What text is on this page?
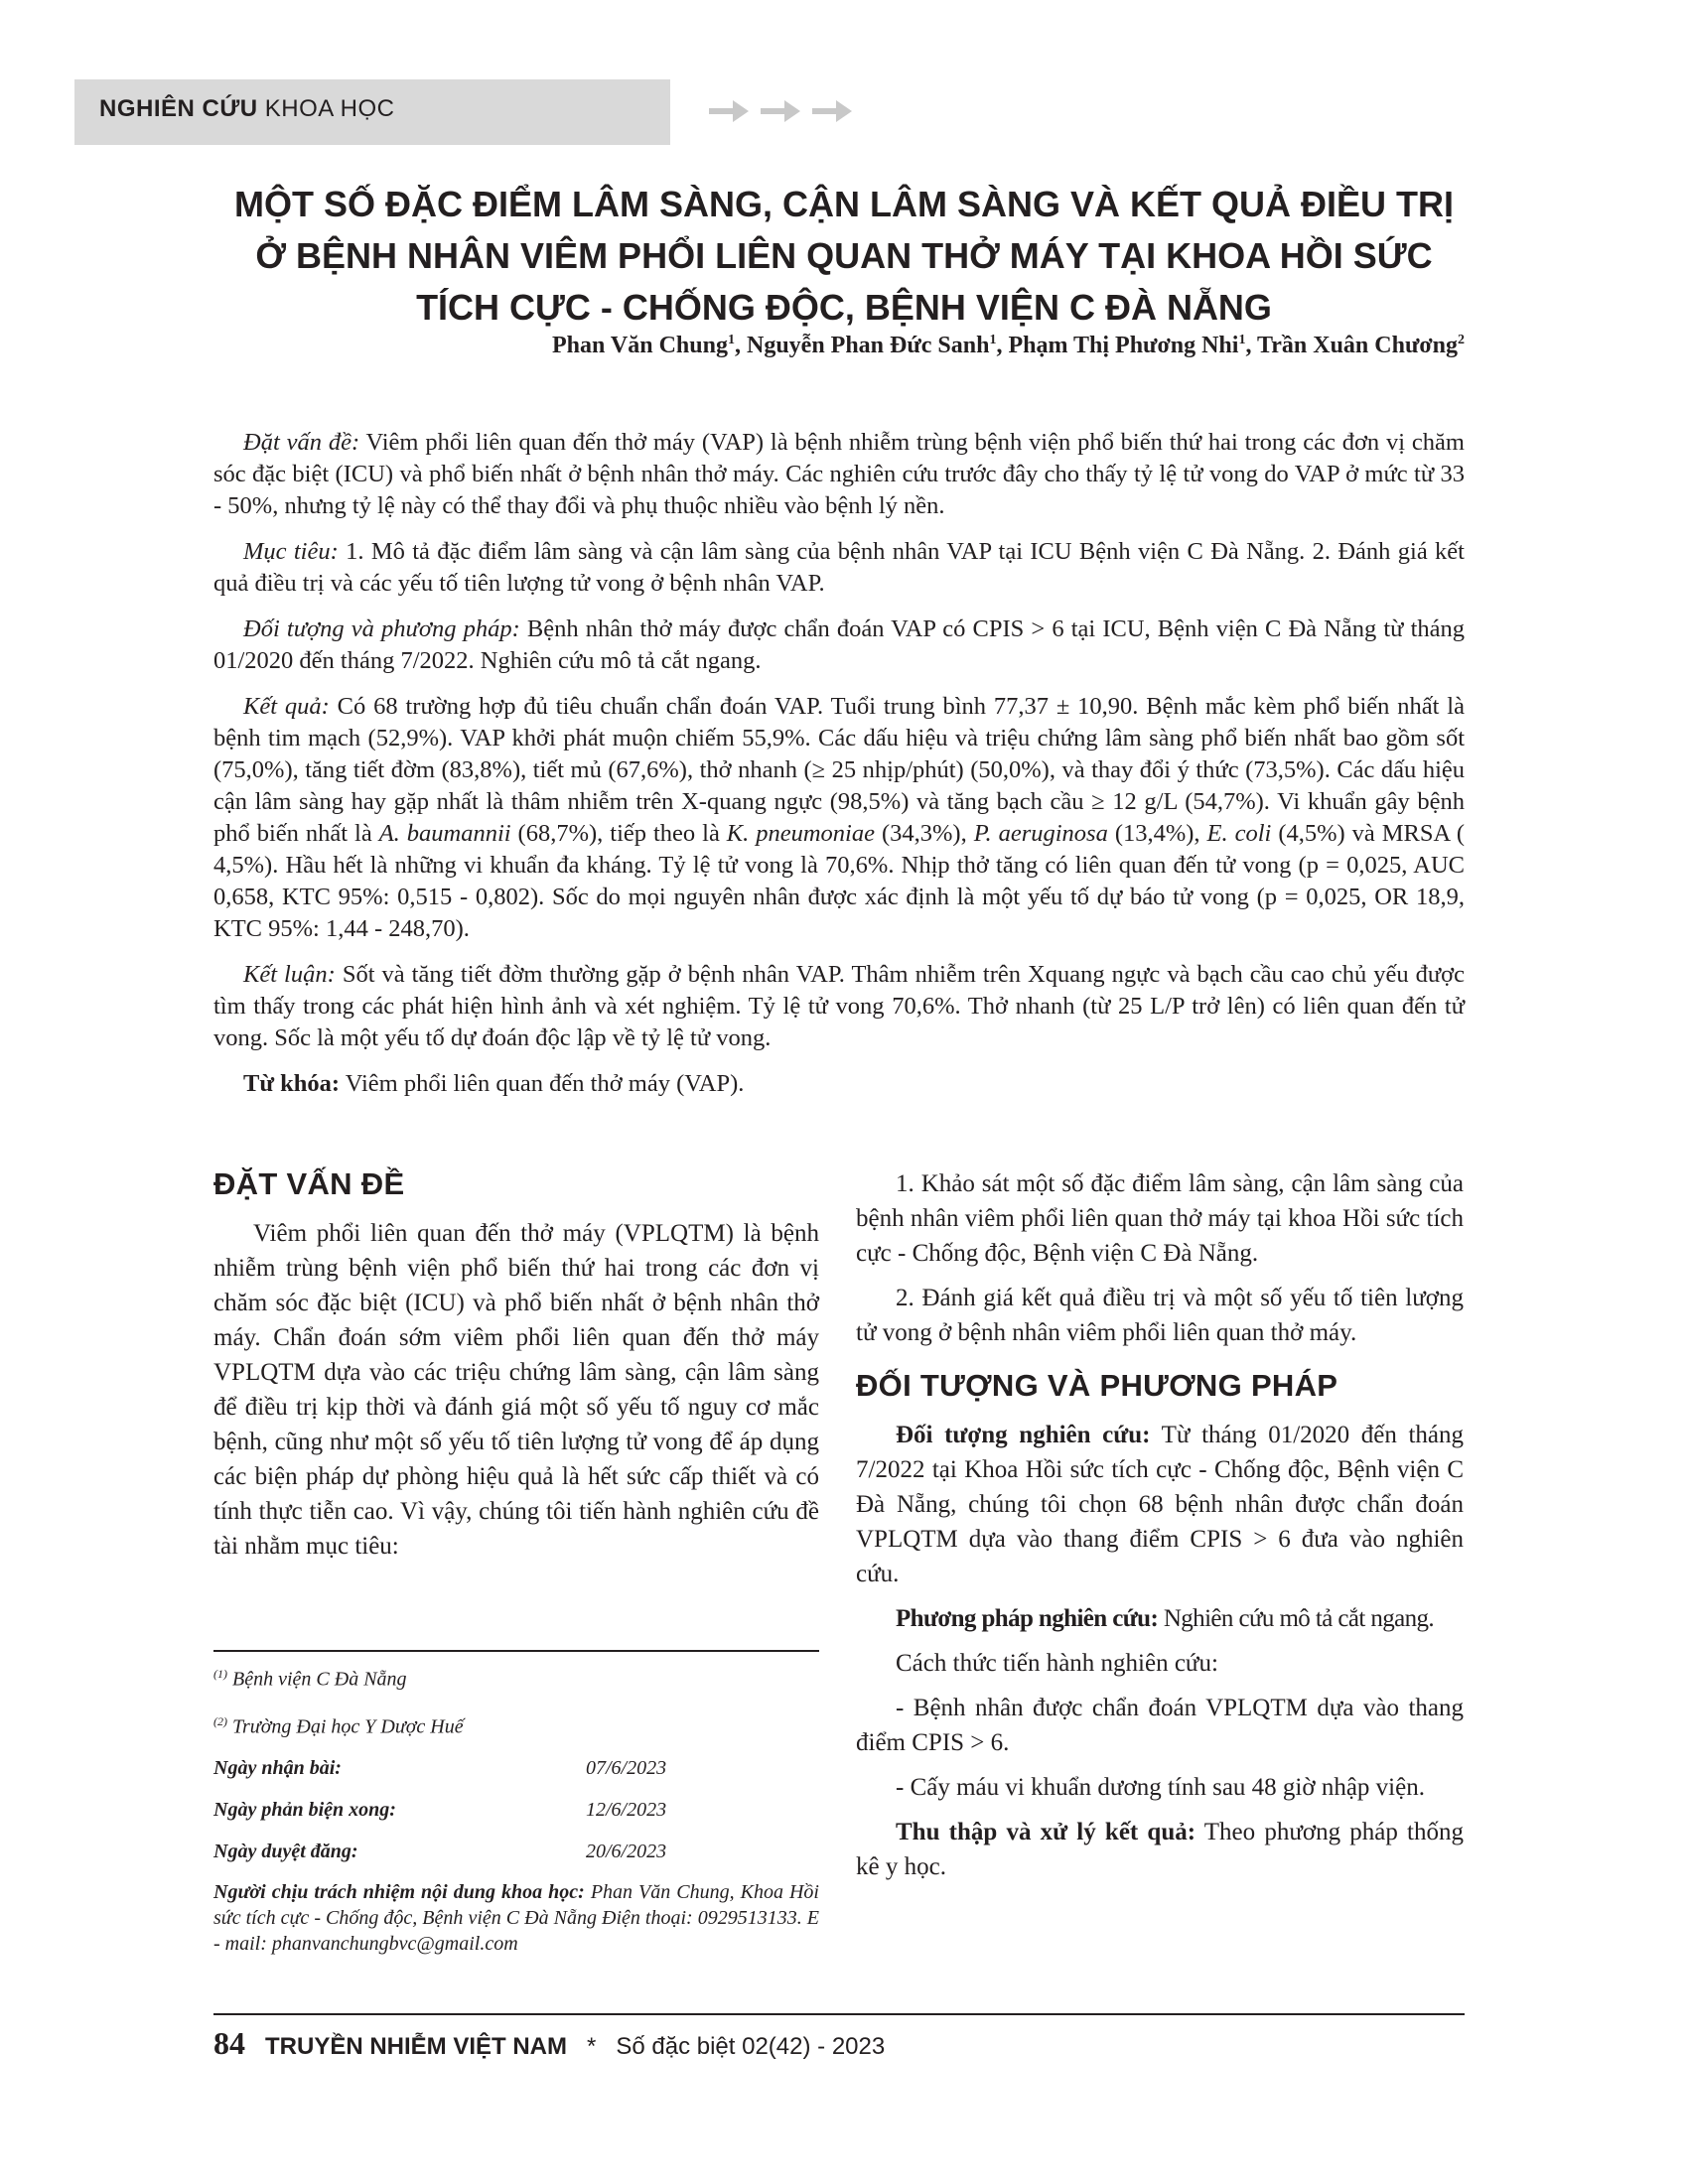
NGHIÊN CỨU KHOA HỌC
MỘT SỐ ĐẶC ĐIỂM LÂM SÀNG, CẬN LÂM SÀNG VÀ KẾT QUẢ ĐIỀU TRỊ
Ở BỆNH NHÂN VIÊM PHỔI LIÊN QUAN THỞ MÁY TẠI KHOA HỒI SỨC
TÍCH CỰC - CHỐNG ĐỘC, BỆNH VIỆN C ĐÀ NẴNG
Phan Văn Chung$^1$, Nguyễn Phan Đức Sanh$^1$, Phạm Thị Phương Nhi$^1$, Trần Xuân Chương$^2$

Đặt vấn đề: Viêm phổi liên quan đến thở máy (VAP) là bệnh nhiễm trùng bệnh viện phổ biến thứ hai trong các đơn vị chăm sóc đặc biệt (ICU) và phổ biến nhất ở bệnh nhân thở máy. Các nghiên cứu trước đây cho thấy tỷ lệ tử vong do VAP ở mức từ 33 - 50%, nhưng tỷ lệ này có thể thay đổi và phụ thuộc nhiều vào bệnh lý nền.

Mục tiêu: 1. Mô tả đặc điểm lâm sàng và cận lâm sàng của bệnh nhân VAP tại ICU Bệnh viện C Đà Nẵng. 2. Đánh giá kết quả điều trị và các yếu tố tiên lượng tử vong ở bệnh nhân VAP.

Đối tượng và phương pháp: Bệnh nhân thở máy được chẩn đoán VAP có CPIS > 6 tại ICU, Bệnh viện C Đà Nẵng từ tháng 01/2020 đến tháng 7/2022. Nghiên cứu mô tả cắt ngang.

Kết quả: Có 68 trường hợp đủ tiêu chuẩn chẩn đoán VAP. Tuổi trung bình 77,37 ± 10,90. Bệnh mắc kèm phổ biến nhất là bệnh tim mạch (52,9%). VAP khởi phát muộn chiếm 55,9%. Các dấu hiệu và triệu chứng lâm sàng phổ biến nhất bao gồm sốt (75,0%), tăng tiết đờm (83,8%), tiết mủ (67,6%), thở nhanh (≥ 25 nhịp/phút) (50,0%), và thay đổi ý thức (73,5%). Các dấu hiệu cận lâm sàng hay gặp nhất là thâm nhiễm trên X-quang ngực (98,5%) và tăng bạch cầu ≥ 12 g/L (54,7%). Vi khuẩn gây bệnh phổ biến nhất là A. baumannii (68,7%), tiếp theo là K. pneumoniae (34,3%), P. aeruginosa (13,4%), E. coli (4,5%) và MRSA ( 4,5%). Hầu hết là những vi khuẩn đa kháng. Tỷ lệ tử vong là 70,6%. Nhịp thở tăng có liên quan đến tử vong (p = 0,025, AUC 0,658, KTC 95%: 0,515 - 0,802). Sốc do mọi nguyên nhân được xác định là một yếu tố dự báo tử vong (p = 0,025, OR 18,9, KTC 95%: 1,44 - 248,70).

Kết luận: Sốt và tăng tiết đờm thường gặp ở bệnh nhân VAP. Thâm nhiễm trên Xquang ngực và bạch cầu cao chủ yếu được tìm thấy trong các phát hiện hình ảnh và xét nghiệm. Tỷ lệ tử vong 70,6%. Thở nhanh (từ 25 L/P trở lên) có liên quan đến tử vong. Sốc là một yếu tố dự đoán độc lập về tỷ lệ tử vong.

Từ khóa: Viêm phổi liên quan đến thở máy (VAP).

ĐẶT VẤN ĐỀ

Viêm phổi liên quan đến thở máy (VPLQTM) là bệnh nhiễm trùng bệnh viện phổ biến thứ hai trong các đơn vị chăm sóc đặc biệt (ICU) và phổ biến nhất ở bệnh nhân thở máy. Chẩn đoán sớm viêm phổi liên quan đến thở máy VPLQTM dựa vào các triệu chứng lâm sàng, cận lâm sàng để điều trị kịp thời và đánh giá một số yếu tố nguy cơ mắc bệnh, cũng như một số yếu tố tiên lượng tử vong để áp dụng các biện pháp dự phòng hiệu quả là hết sức cấp thiết và có tính thực tiễn cao. Vì vậy, chúng tôi tiến hành nghiên cứu đề tài nhằm mục tiêu:

$^{(1)}$ Bệnh viện C Đà Nẵng
$^{(2)}$ Trường Đại học Y Dược Huế
Ngày nhận bài:	07/6/2023
Ngày phản biện xong:	12/6/2023
Ngày duyệt đăng:	20/6/2023
Người chịu trách nhiệm nội dung khoa học: Phan Văn Chung, Khoa Hồi sức tích cực - Chống độc, Bệnh viện C Đà Nẵng Điện thoại: 0929513133. E - mail: phanvanchungbvc@gmail.com

1. Khảo sát một số đặc điểm lâm sàng, cận lâm sàng của bệnh nhân viêm phổi liên quan thở máy tại khoa Hồi sức tích cực - Chống độc, Bệnh viện C Đà Nẵng.

2. Đánh giá kết quả điều trị và một số yếu tố tiên lượng tử vong ở bệnh nhân viêm phổi liên quan thở máy.

ĐỐI TƯỢNG VÀ PHƯƠNG PHÁP

Đối tượng nghiên cứu: Từ tháng 01/2020 đến tháng 7/2022 tại Khoa Hồi sức tích cực - Chống độc, Bệnh viện C Đà Nẵng, chúng tôi chọn 68 bệnh nhân được chẩn đoán VPLQTM dựa vào thang điểm CPIS > 6 đưa vào nghiên cứu.

Phương pháp nghiên cứu: Nghiên cứu mô tả cắt ngang.

Cách thức tiến hành nghiên cứu:

- Bệnh nhân được chẩn đoán VPLQTM dựa vào thang điểm CPIS > 6.

- Cấy máu vi khuẩn dương tính sau 48 giờ nhập viện.

Thu thập và xử lý kết quả: Theo phương pháp thống kê y học.

84 TRUYỀN NHIỄM VIỆT NAM * Số đặc biệt 02(42) - 2023
